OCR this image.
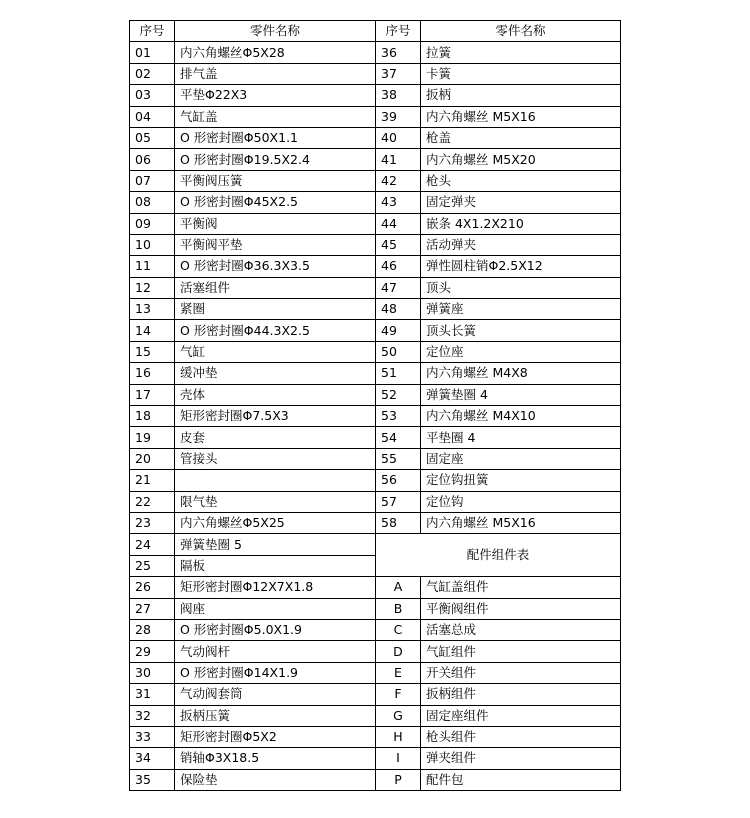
序号	零件名称	序号	零件名称
01	内六角螺丝Φ5X28	36	拉簧
02	排气盖	37	卡簧
03	平垫Φ22X3	38	扳柄
04	气缸盖	39	内六角螺丝 M5X16
05	O 形密封圈Φ50X1.1	40	枪盖
06	O 形密封圈Φ19.5X2.4	41	内六角螺丝 M5X20
07	平衡阀压簧	42	枪头
08	O 形密封圈Φ45X2.5	43	固定弹夹
09	平衡阀	44	嵌条 4X1.2X210
10	平衡阀平垫	45	活动弹夹
11	O 形密封圈Φ36.3X3.5	46	弹性圆柱销Φ2.5X12
12	活塞组件	47	顶头
13	紧圈	48	弹簧座
14	O 形密封圈Φ44.3X2.5	49	顶头长簧
15	气缸	50	定位座
16	缓冲垫	51	内六角螺丝 M4X8
17	壳体	52	弹簧垫圈 4
18	矩形密封圈Φ7.5X3	53	内六角螺丝 M4X10
19	皮套	54	平垫圈 4
20	管接头	55	固定座
21		56	定位钩扭簧
22	限气垫	57	定位钩
23	内六角螺丝Φ5X25	58	内六角螺丝 M5X16
24	弹簧垫圈 5	配件组件表	
25	隔板		
26	矩形密封圈Φ12X7X1.8	A	气缸盖组件
27	阀座	B	平衡阀组件
28	O 形密封圈Φ5.0X1.9	C	活塞总成
29	气动阀杆	D	气缸组件
30	O 形密封圈Φ14X1.9	E	开关组件
31	气动阀套筒	F	扳柄组件
32	扳柄压簧	G	固定座组件
33	矩形密封圈Φ5X2	H	枪头组件
34	销轴Φ3X18.5	I	弹夹组件
35	保险垫	P	配件包
